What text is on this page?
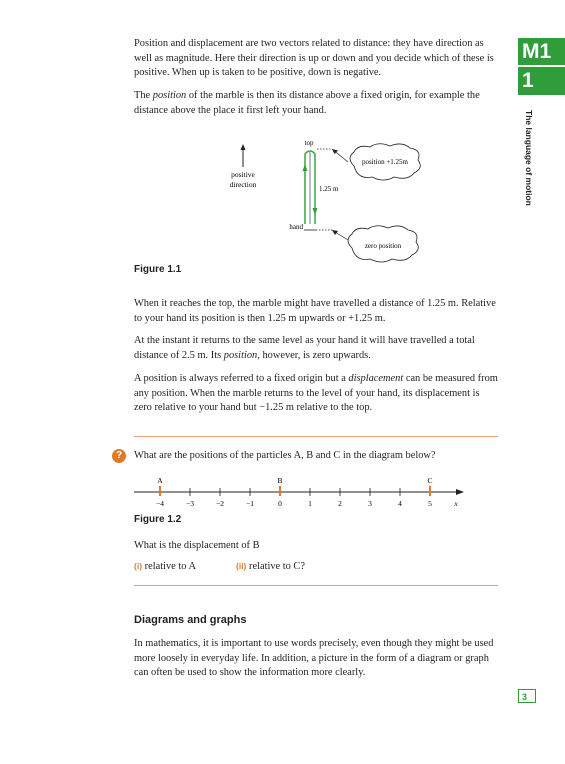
M1
1
The language of motion
3

Position and displacement are two vectors related to distance: they have direction as well as magnitude. Here their direction is up or down and you decide which of these is positive. When up is taken to be positive, down is negative.

The position of the marble is then its distance above a fixed origin, for example the distance above the place it first left your hand.

positive
direction
top
1.25 m
hand
position +1.25m
zero position
Figure 1.1

When it reaches the top, the marble might have travelled a distance of 1.25 m. Relative to your hand its position is then 1.25 m upwards or +1.25 m.

At the instant it returns to the same level as your hand it will have travelled a total distance of 2.5 m. Its position, however, is zero upwards.

A position is always referred to a fixed origin but a displacement can be measured from any position. When the marble returns to the level of your hand, its displacement is zero relative to your hand but −1.25 m relative to the top.

?	What are the positions of the particles A, B and C in the diagram below?
x
−4	−3	−2	−1	0	1	2	3	4	5
A	B	C
Figure 1.2
What is the displacement of B
(i) relative to A	(ii) relative to C?
Diagrams and graphs

In mathematics, it is important to use words precisely, even though they might be used more loosely in everyday life. In addition, a picture in the form of a diagram or graph can often be used to show the information more clearly.
